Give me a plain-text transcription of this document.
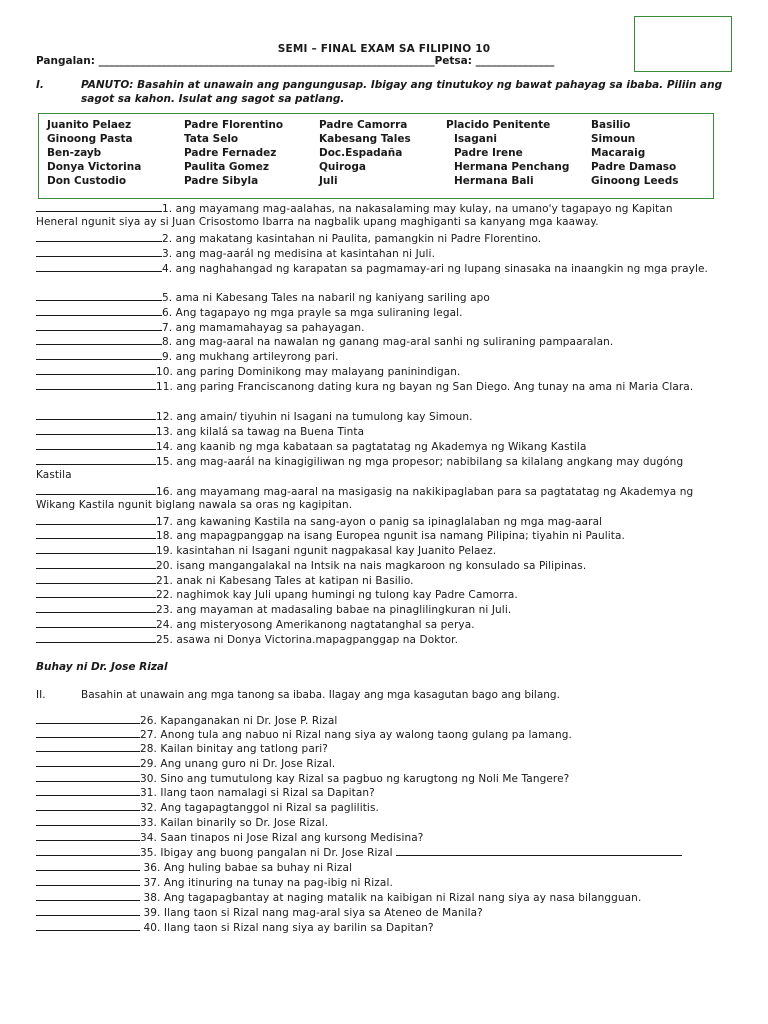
SEMI – FINAL EXAM SA FILIPINO 10
Pangalan: ________________________________________________________________Petsa: _______________
I.	PANUTO: Basahin at unawain ang pangungusap. Ibigay ang tinutukoy ng bawat pahayag sa ibaba. Piliin ang sagot sa kahon. Isulat ang sagot sa patlang.
Juanito Pelaez
Ginoong Pasta
Ben-zayb
Donya Victorina
Don Custodio
Padre Florentino
Tata Selo
Padre Fernadez
Paulita Gomez
Padre Sibyla
Padre Camorra
Kabesang Tales
Doc.Espadaña
Quiroga
Juli
Placido Penitente
Isagani
Padre Irene
Hermana Penchang
Hermana Bali
Basilio
Simoun
Macaraig
Padre Damaso
Ginoong Leeds
1. ang mayamang mag-aalahas, na nakasalaming may kulay, na umano'y tagapayo ng Kapitan Heneral ngunit siya ay si Juan Crisostomo Ibarra na nagbalik upang maghiganti sa kanyang mga kaaway.
2. ang makatang kasintahan ni Paulita, pamangkin ni Padre Florentino.
3. ang mag-aarál ng medisina at kasintahan ni Juli.
4. ang naghahangad ng karapatan sa pagmamay-ari ng lupang sinasaka na inaangkin ng mga prayle.
5. ama ni Kabesang Tales na nabaril ng kaniyang sariling apo
6. Ang tagapayo ng mga prayle sa mga suliraning legal.
7. ang mamamahayag sa pahayagan.
8. ang mag-aaral na nawalan ng ganang mag-aral sanhi ng suliraning pampaaralan.
9. ang mukhang artileyrong pari.
10. ang paring Dominikong may malayang paninindigan.
11. ang paring Franciscanong dating kura ng bayan ng San Diego. Ang tunay na ama ni Maria Clara.
12. ang amain/ tiyuhin ni Isagani na tumulong kay Simoun.
13. ang kilalá sa tawag na Buena Tinta
14. ang kaanib ng mga kabataan sa pagtatatag ng Akademya ng Wikang Kastila
15. ang mag-aarál na kinagigiliwan ng mga propesor; nabibilang sa kilalang angkang may dugóng Kastila
16. ang mayamang mag-aaral na masigasig na nakikipaglaban para sa pagtatatag ng Akademya ng Wikang Kastila ngunit biglang nawala sa oras ng kagipitan.
17. ang kawaning Kastila na sang-ayon o panig sa ipinaglalaban ng mga mag-aaral
18. ang mapagpanggap na isang Europea ngunit isa namang Pilipina; tiyahin ni Paulita.
19. kasintahan ni Isagani ngunit nagpakasal kay Juanito Pelaez.
20. isang mangangalakal na Intsik na nais magkaroon ng konsulado sa Pilipinas.
21. anak ni Kabesang Tales at katipan ni Basilio.
22. naghimok kay Juli upang humingi ng tulong kay Padre Camorra.
23. ang mayaman at madasaling babae na pinaglilingkuran ni Juli.
24. ang misteryosong Amerikanong nagtatanghal sa perya.
25. asawa ni Donya Victorina.mapagpanggap na Doktor.
Buhay ni Dr. Jose Rizal
II.	Basahin at unawain ang mga tanong sa ibaba. Ilagay ang mga kasagutan bago ang bilang.
26. Kapanganakan ni Dr. Jose P. Rizal
27. Anong tula ang nabuo ni Rizal nang siya ay walong taong gulang pa lamang.
28. Kailan binitay ang tatlong pari?
29. Ang unang guro ni Dr. Jose Rizal.
30. Sino ang tumutulong kay Rizal sa pagbuo ng karugtong ng Noli Me Tangere?
31. Ilang taon namalagi si Rizal sa Dapitan?
32. Ang tagapagtanggol ni Rizal sa paglilitis.
33. Kailan binarily so Dr. Jose Rizal.
34. Saan tinapos ni Jose Rizal ang kursong Medisina?
35. Ibigay ang buong pangalan ni Dr. Jose Rizal
36. Ang huling babae sa buhay ni Rizal
37. Ang itinuring na tunay na pag-ibig ni Rizal.
38. Ang tagapagbantay at naging matalik na kaibigan ni Rizal nang siya ay nasa bilangguan.
39. Ilang taon si Rizal nang mag-aral siya sa Ateneo de Manila?
40. Ilang taon si Rizal nang siya ay barilin sa Dapitan?
